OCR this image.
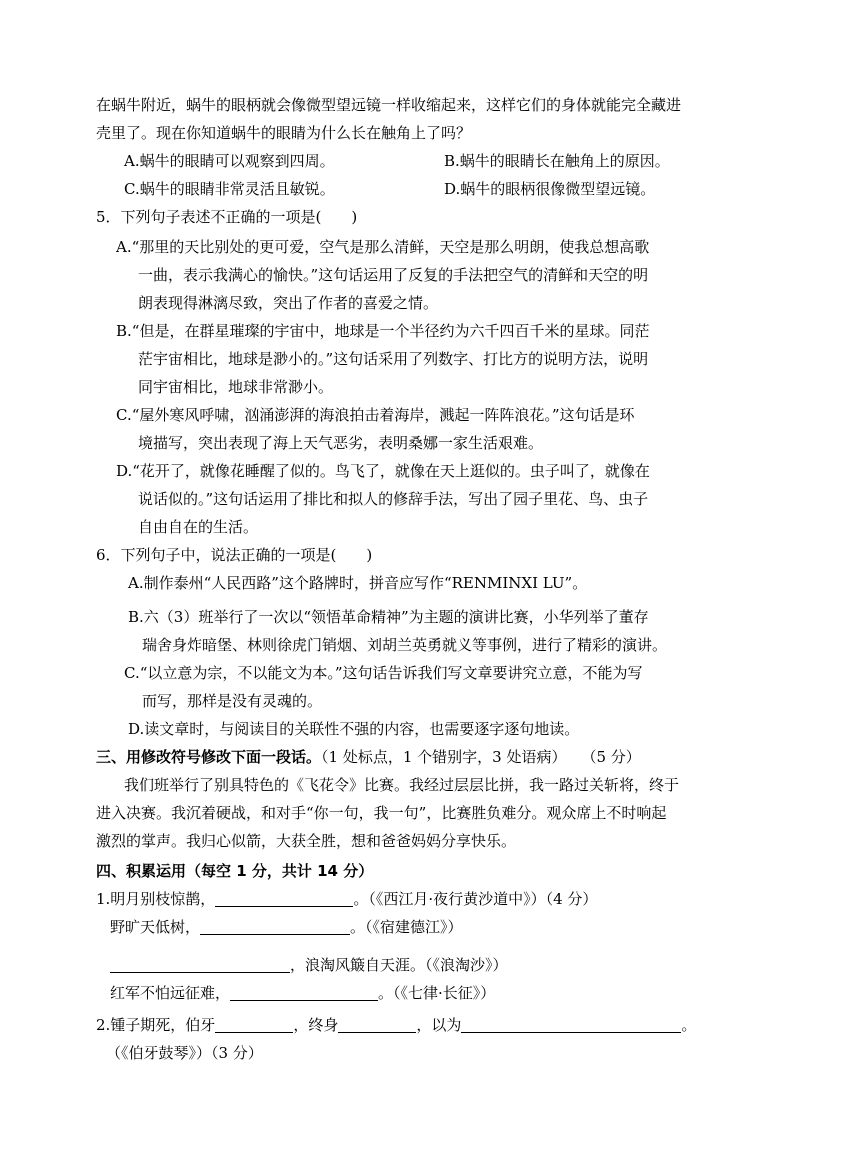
在蜗牛附近，蜗牛的眼柄就会像微型望远镜一样收缩起来，这样它们的身体就能完全藏进
壳里了。现在你知道蜗牛的眼睛为什么长在触角上了吗？
A.蜗牛的眼睛可以观察到四周。	B.蜗牛的眼睛长在触角上的原因。
C.蜗牛的眼睛非常灵活且敏锐。	D.蜗牛的眼柄很像微型望远镜。
5．下列句子表述不正确的一项是(　　)
A.“那里的天比别处的更可爱，空气是那么清鲜，天空是那么明朗，使我总想高歌
一曲，表示我满心的愉快。”这句话运用了反复的手法把空气的清鲜和天空的明
朗表现得淋漓尽致，突出了作者的喜爱之情。
B.“但是，在群星璀璨的宇宙中，地球是一个半径约为六千四百千米的星球。同茫
茫宇宙相比，地球是渺小的。”这句话采用了列数字、打比方的说明方法，说明
同宇宙相比，地球非常渺小。
C.“屋外寒风呼啸，汹涌澎湃的海浪拍击着海岸，溅起一阵阵浪花。”这句话是环
境描写，突出表现了海上天气恶劣，表明桑娜一家生活艰难。
D.“花开了，就像花睡醒了似的。鸟飞了，就像在天上逛似的。虫子叫了，就像在
说话似的。”这句话运用了排比和拟人的修辞手法，写出了园子里花、鸟、虫子
自由自在的生活。
6．下列句子中，说法正确的一项是(　　)
A.制作泰州“人民西路”这个路牌时，拼音应写作“RENMINXI LU”。
B.六（3）班举行了一次以“领悟革命精神”为主题的演讲比赛，小华列举了董存
瑞舍身炸暗堡、林则徐虎门销烟、刘胡兰英勇就义等事例，进行了精彩的演讲。
C.“以立意为宗，不以能文为本。”这句话告诉我们写文章要讲究立意，不能为写
而写，那样是没有灵魂的。
D.读文章时，与阅读目的关联性不强的内容，也需要逐字逐句地读。
三、用修改符号修改下面一段话。（1 处标点，1 个错别字，3 处语病）　　（5 分）
我们班举行了别具特色的《飞花令》比赛。我经过层层比拼，我一路过关斩将，终于
进入决赛。我沉着硬战，和对手“你一句，我一句”，比赛胜负难分。观众席上不时响起
激烈的掌声。我归心似箭，大获全胜，想和爸爸妈妈分享快乐。
四、积累运用（每空 1 分，共计 14 分）
1.明月别枝惊鹊，	。（《西江月·夜行黄沙道中》）（4 分）
野旷天低树，	。（《宿建德江》）
，浪淘风簸自天涯。（《浪淘沙》）
红军不怕远征难，	。（《七律·长征》）
2.锺子期死，伯牙	，终身	，以为	。
（《伯牙鼓琴》）（3 分）
